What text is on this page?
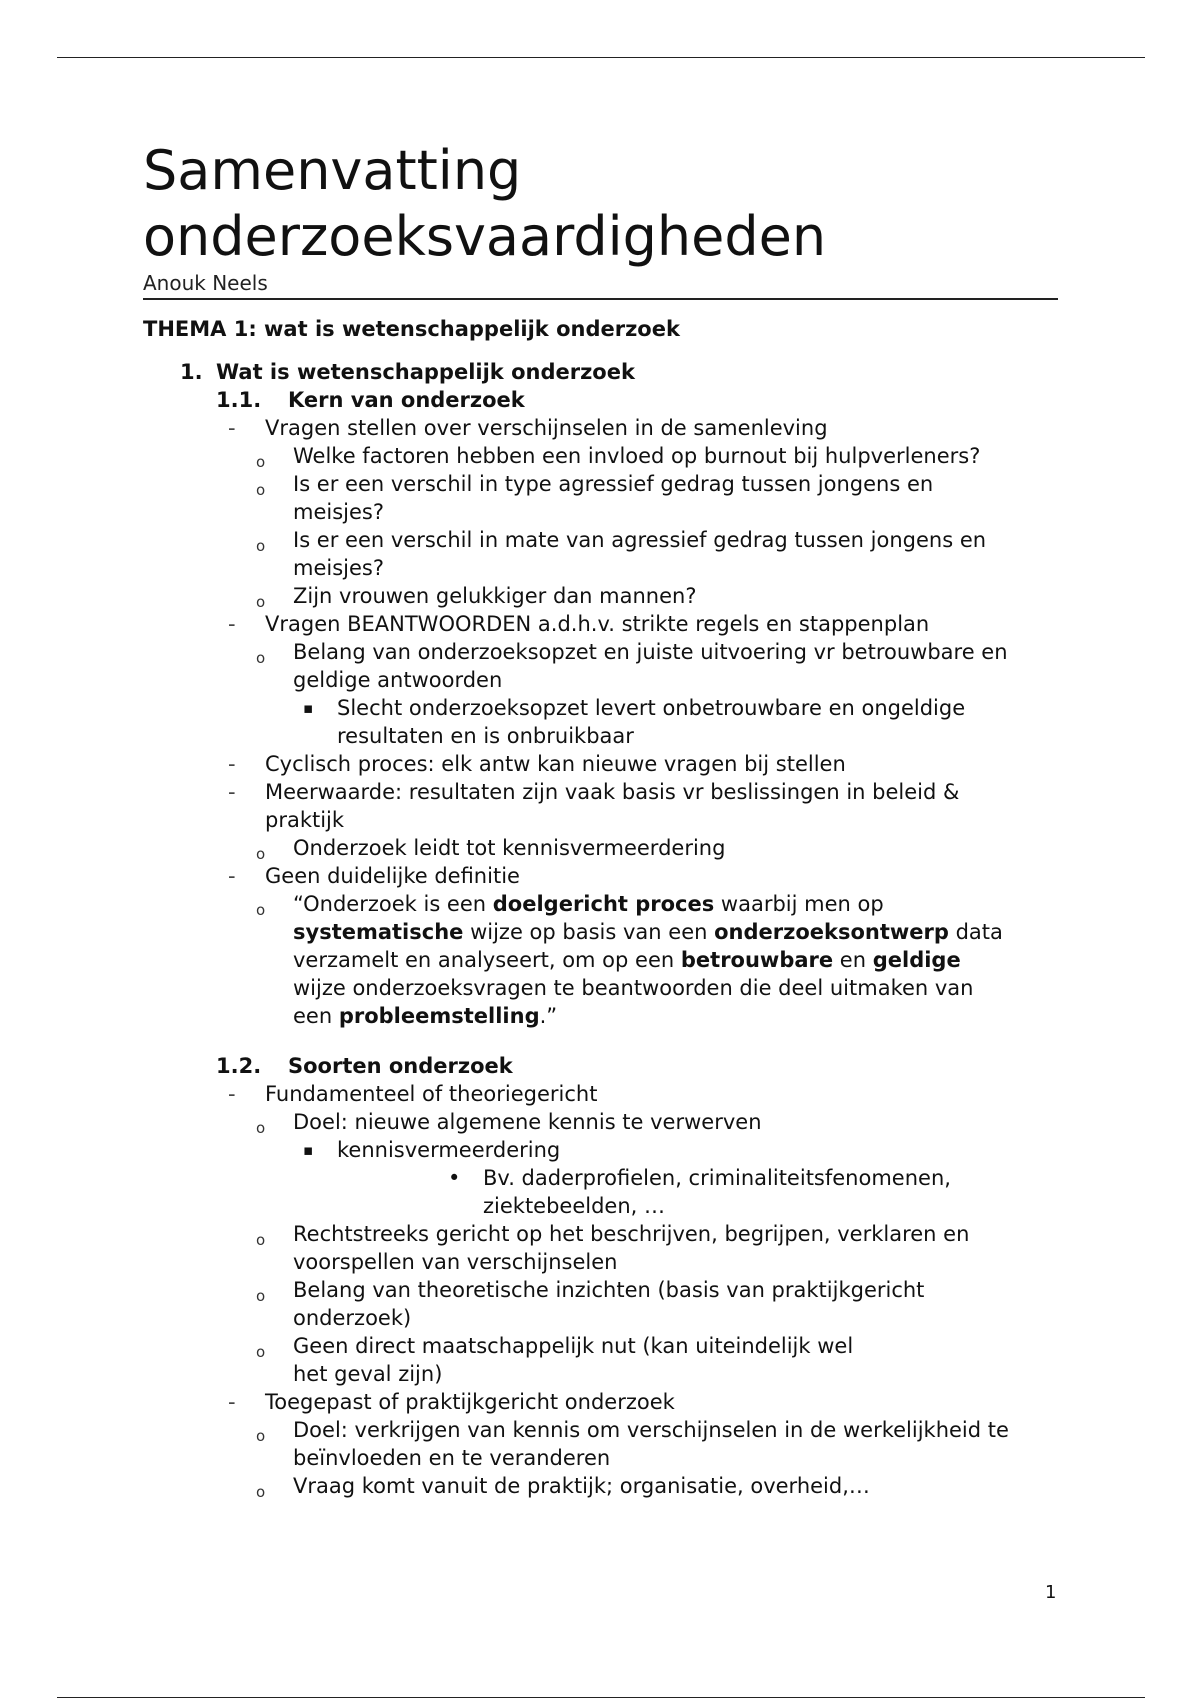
Samenvatting
onderzoeksvaardigheden
Anouk Neels
THEMA 1: wat is wetenschappelijk onderzoek
1. Wat is wetenschappelijk onderzoek
1.1. Kern van onderzoek
- Vragen stellen over verschijnselen in de samenleving
o Welke factoren hebben een invloed op burnout bij hulpverleners?
o Is er een verschil in type agressief gedrag tussen jongens en
meisjes?
o Is er een verschil in mate van agressief gedrag tussen jongens en
meisjes?
o Zijn vrouwen gelukkiger dan mannen?
- Vragen BEANTWOORDEN a.d.h.v. strikte regels en stappenplan
o Belang van onderzoeksopzet en juiste uitvoering vr betrouwbare en
geldige antwoorden
▪ Slecht onderzoeksopzet levert onbetrouwbare en ongeldige
resultaten en is onbruikbaar
- Cyclisch proces: elk antw kan nieuwe vragen bij stellen
- Meerwaarde: resultaten zijn vaak basis vr beslissingen in beleid &
praktijk
o Onderzoek leidt tot kennisvermeerdering
- Geen duidelijke definitie
o “Onderzoek is een doelgericht proces waarbij men op
systematische wijze op basis van een onderzoeksontwerp data
verzamelt en analyseert, om op een betrouwbare en geldige
wijze onderzoeksvragen te beantwoorden die deel uitmaken van
een probleemstelling.”
1.2. Soorten onderzoek
- Fundamenteel of theoriegericht
o Doel: nieuwe algemene kennis te verwerven
▪ kennisvermeerdering
• Bv. daderprofielen, criminaliteitsfenomenen,
ziektebeelden, …
o Rechtstreeks gericht op het beschrijven, begrijpen, verklaren en
voorspellen van verschijnselen
o Belang van theoretische inzichten (basis van praktijkgericht
onderzoek)
o Geen direct maatschappelijk nut (kan uiteindelijk wel
het geval zijn)
- Toegepast of praktijkgericht onderzoek
o Doel: verkrijgen van kennis om verschijnselen in de werkelijkheid te
beïnvloeden en te veranderen
o Vraag komt vanuit de praktijk; organisatie, overheid,…
1
